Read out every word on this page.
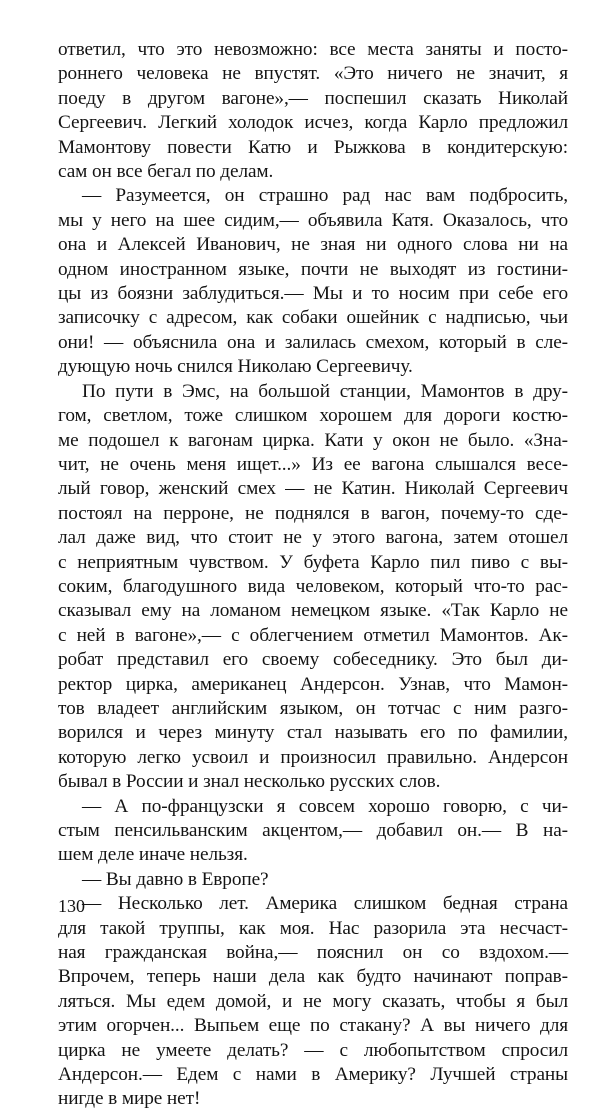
ответил, что это невозможно: все места заняты и посто-
роннего человека не впустят. «Это ничего не значит, я
поеду в другом вагоне»,— поспешил сказать Николай
Сергеевич. Легкий холодок исчез, когда Карло предложил
Мамонтову повести Катю и Рыжкова в кондитерскую:
сам он все бегал по делам.
— Разумеется, он страшно рад нас вам подбросить,
мы у него на шее сидим,— объявила Катя. Оказалось, что
она и Алексей Иванович, не зная ни одного слова ни на
одном иностранном языке, почти не выходят из гостини-
цы из боязни заблудиться.— Мы и то носим при себе его
записочку с адресом, как собаки ошейник с надписью, чьи
они! — объяснила она и залилась смехом, который в сле-
дующую ночь снился Николаю Сергеевичу.
По пути в Эмс, на большой станции, Мамонтов в дру-
гом, светлом, тоже слишком хорошем для дороги костю-
ме подошел к вагонам цирка. Кати у окон не было. «Зна-
чит, не очень меня ищет...» Из ее вагона слышался весе-
лый говор, женский смех — не Катин. Николай Сергеевич
постоял на перроне, не поднялся в вагон, почему-то сде-
лал даже вид, что стоит не у этого вагона, затем отошел
с неприятным чувством. У буфета Карло пил пиво с вы-
соким, благодушного вида человеком, который что-то рас-
сказывал ему на ломаном немецком языке. «Так Карло не
с ней в вагоне»,— с облегчением отметил Мамонтов. Ак-
робат представил его своему собеседнику. Это был ди-
ректор цирка, американец Андерсон. Узнав, что Мамон-
тов владеет английским языком, он тотчас с ним разго-
ворился и через минуту стал называть его по фамилии,
которую легко усвоил и произносил правильно. Андерсон
бывал в России и знал несколько русских слов.
— А по-французски я совсем хорошо говорю, с чи-
стым пенсильванским акцентом,— добавил он.— В на-
шем деле иначе нельзя.
— Вы давно в Европе?
— Несколько лет. Америка слишком бедная страна
для такой труппы, как моя. Нас разорила эта несчаст-
ная гражданская война,— пояснил он со вздохом.—
Впрочем, теперь наши дела как будто начинают поправ-
ляться. Мы едем домой, и не могу сказать, чтобы я был
этим огорчен... Выпьем еще по стакану? А вы ничего для
цирка не умеете делать? — с любопытством спросил
Андерсон.— Едем с нами в Америку? Лучшей страны
нигде в мире нет!
130
